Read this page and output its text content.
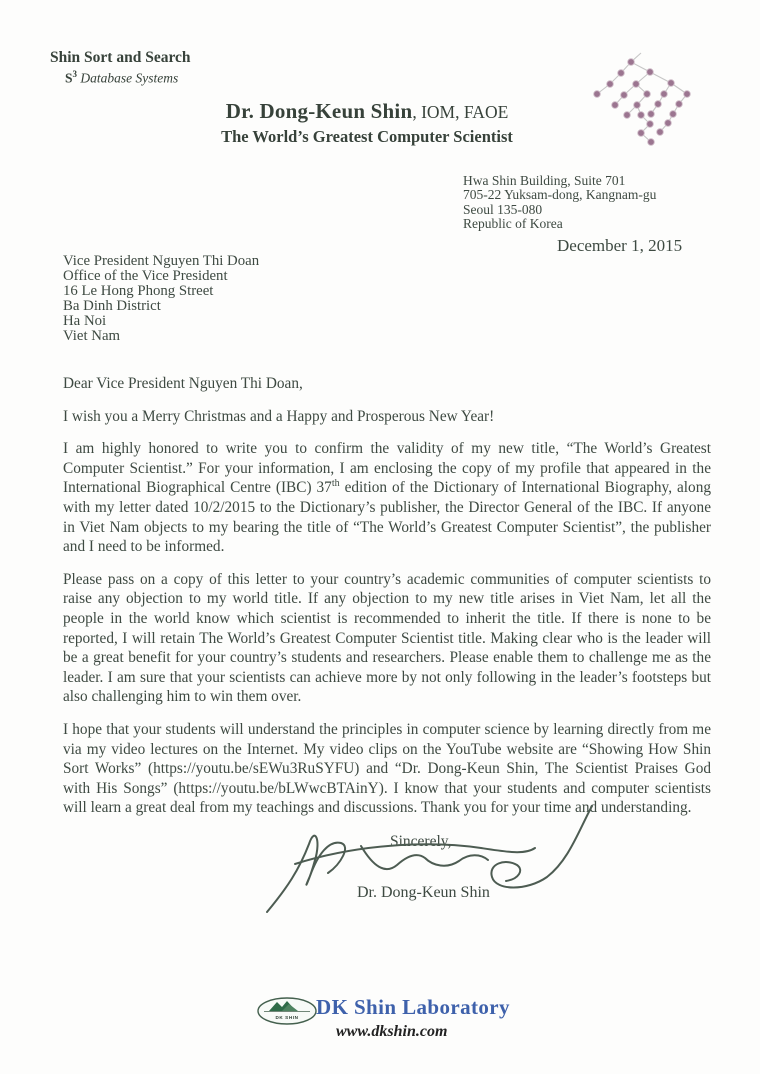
Shin Sort and Search
$S^3$ Database Systems
Dr. Dong-Keun Shin, IOM, FAOE
The World’s Greatest Computer Scientist
Hwa Shin Building, Suite 701
705-22 Yuksam-dong, Kangnam-gu
Seoul 135-080
Republic of Korea
December 1, 2015
Vice President Nguyen Thi Doan
Office of the Vice President
16 Le Hong Phong Street
Ba Dinh District
Ha Noi
Viet Nam

Dear Vice President Nguyen Thi Doan,

I wish you a Merry Christmas and a Happy and Prosperous New Year!

I am highly honored to write you to confirm the validity of my new title, “The World’s Greatest Computer Scientist.” For your information, I am enclosing the copy of my profile that appeared in the International Biographical Centre (IBC) 37th edition of the Dictionary of International Biography, along with my letter dated 10/2/2015 to the Dictionary’s publisher, the Director General of the IBC. If anyone in Viet Nam objects to my bearing the title of “The World’s Greatest Computer Scientist”, the publisher and I need to be informed.

Please pass on a copy of this letter to your country’s academic communities of computer scientists to raise any objection to my world title. If any objection to my new title arises in Viet Nam, let all the people in the world know which scientist is recommended to inherit the title. If there is none to be reported, I will retain The World’s Greatest Computer Scientist title. Making clear who is the leader will be a great benefit for your country’s students and researchers. Please enable them to challenge me as the leader. I am sure that your scientists can achieve more by not only following in the leader’s footsteps but also challenging him to win them over.

I hope that your students will understand the principles in computer science by learning directly from me via my video lectures on the Internet. My video clips on the YouTube website are “Showing How Shin Sort Works” (https://youtu.be/sEWu3RuSYFU) and “Dr. Dong-Keun Shin, The Scientist Praises God with His Songs” (https://youtu.be/bLWwcBTAinY). I know that your students and computer scientists will learn a great deal from my teachings and discussions. Thank you for your time and understanding.

Sincerely,
Dr. Dong-Keun Shin
DK SHIN DK Shin Laboratory
www.dkshin.com
